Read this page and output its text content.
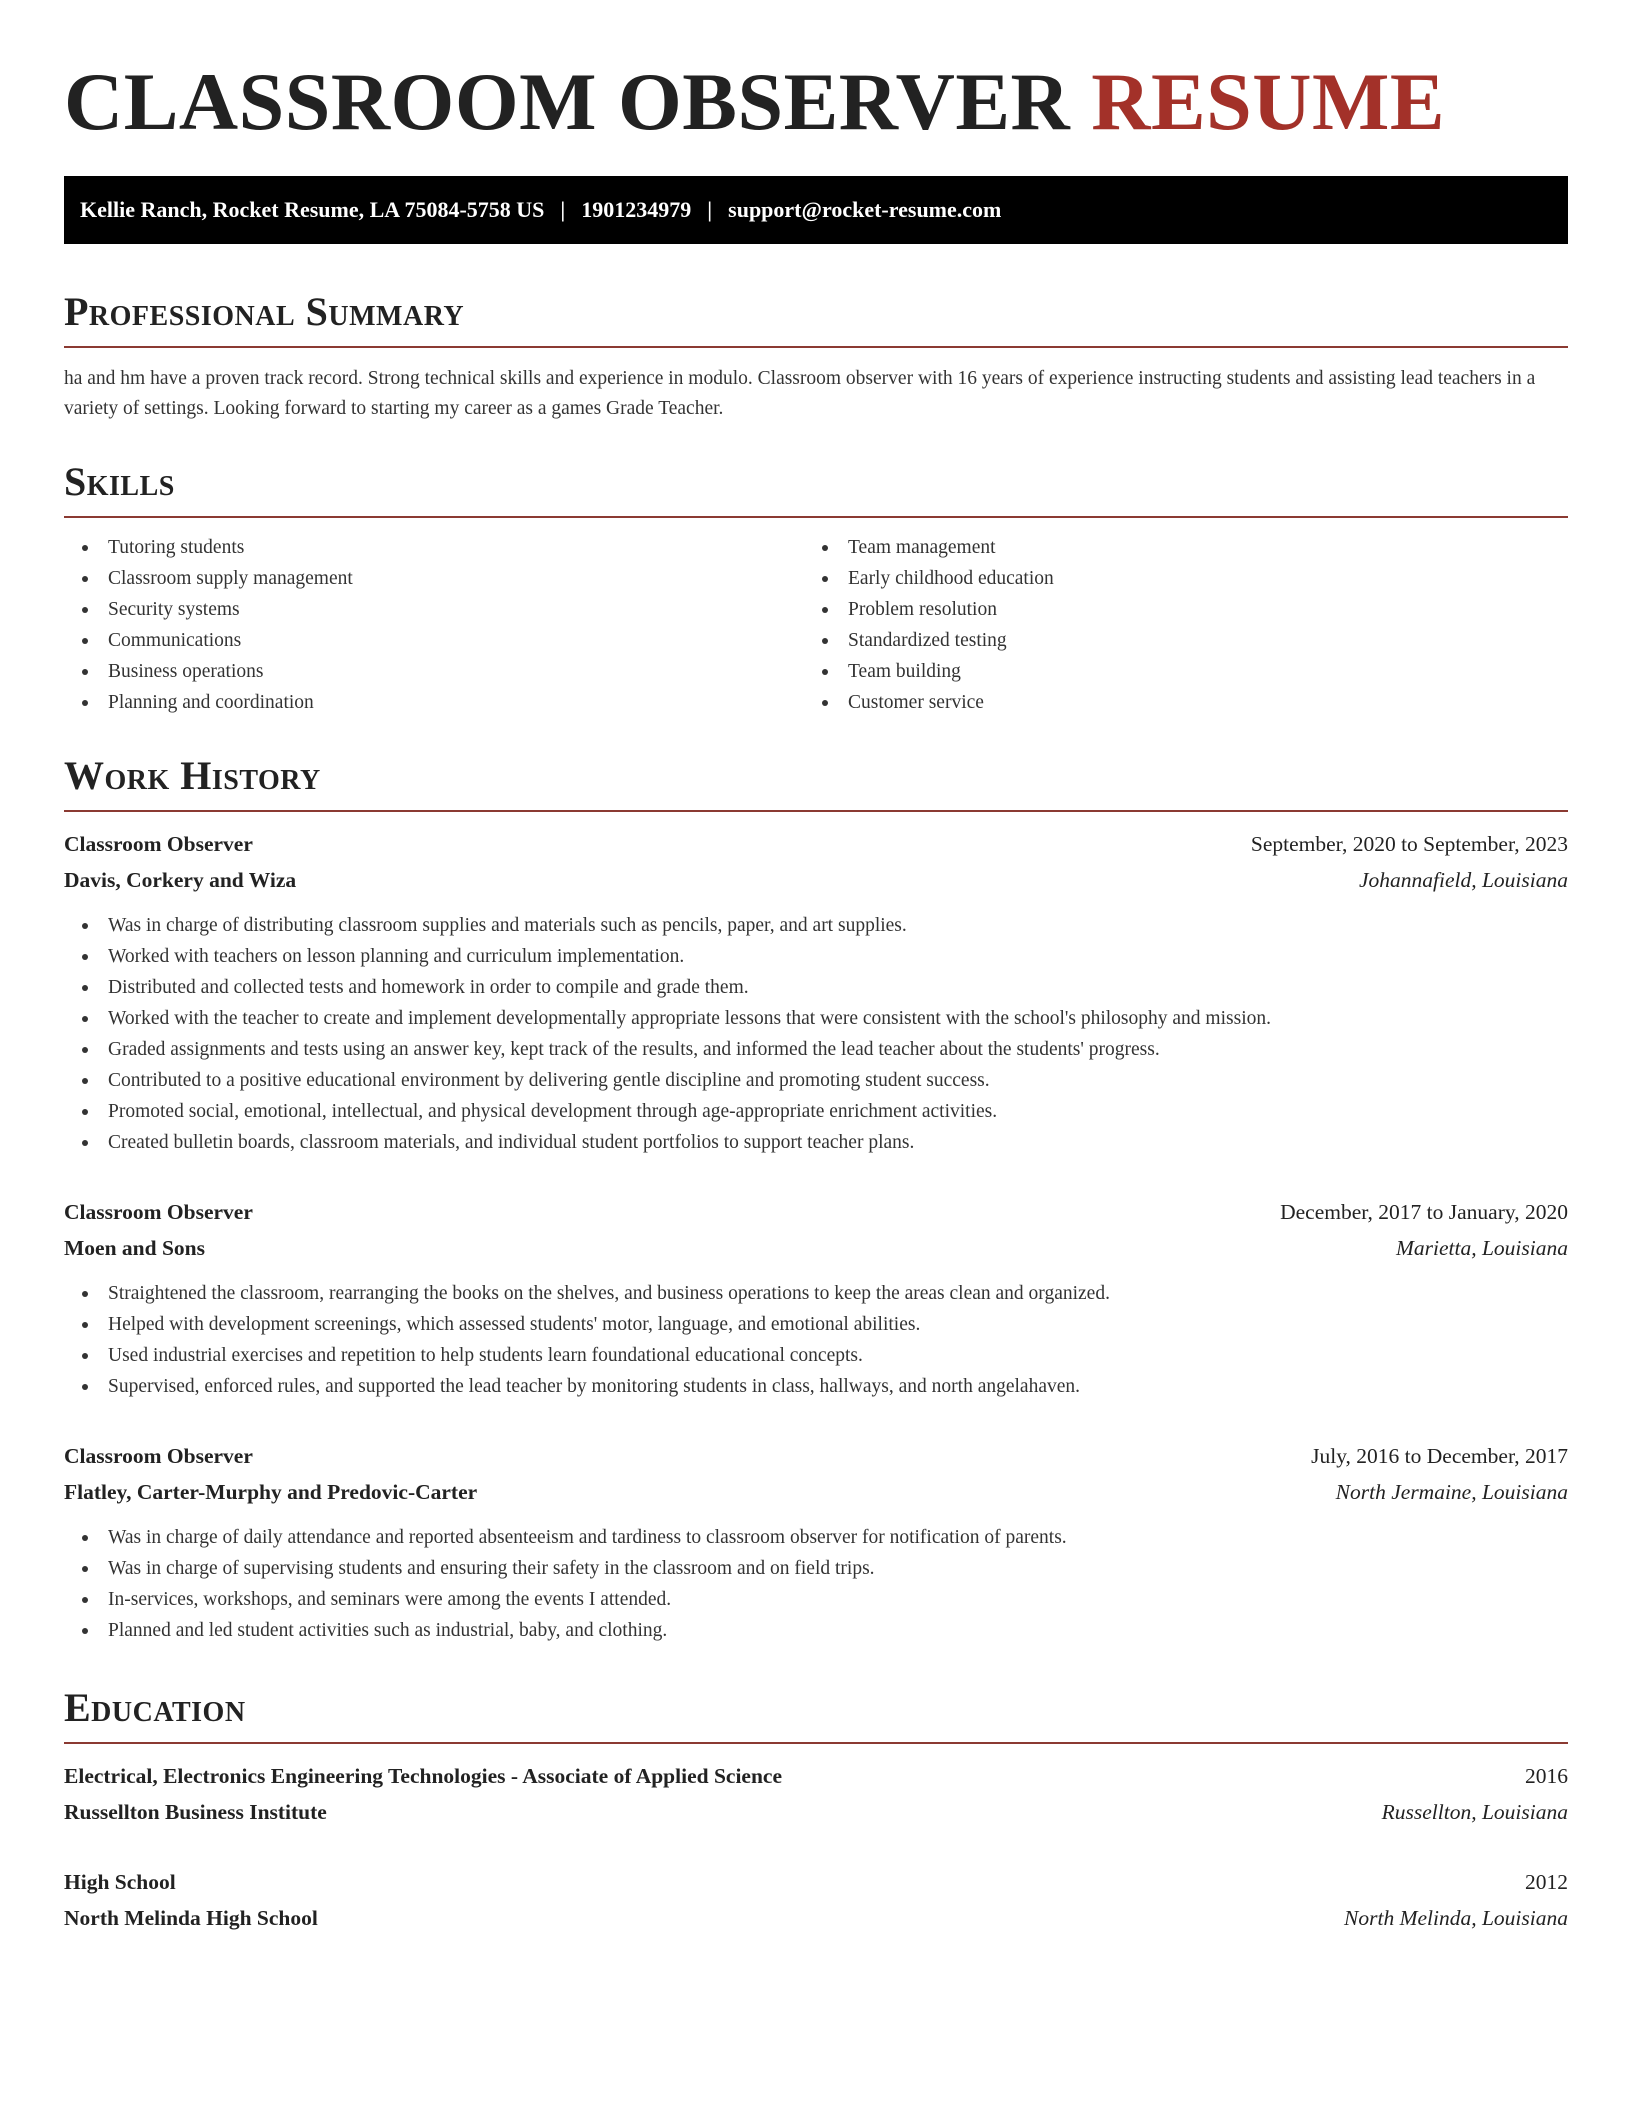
CLASSROOM OBSERVER RESUME
Kellie Ranch, Rocket Resume, LA 75084-5758 US | 1901234979 | support@rocket-resume.com
Professional Summary

ha and hm have a proven track record. Strong technical skills and experience in modulo. Classroom observer with 16 years of experience instructing students and assisting lead teachers in a variety of settings. Looking forward to starting my career as a games Grade Teacher.

Skills
Tutoring students
Classroom supply management
Security systems
Communications
Business operations
Planning and coordination
Team management
Early childhood education
Problem resolution
Standardized testing
Team building
Customer service
Work History
Classroom Observer	September, 2020 to September, 2023
Davis, Corkery and Wiza	Johannafield, Louisiana
Was in charge of distributing classroom supplies and materials such as pencils, paper, and art supplies.
Worked with teachers on lesson planning and curriculum implementation.
Distributed and collected tests and homework in order to compile and grade them.
Worked with the teacher to create and implement developmentally appropriate lessons that were consistent with the school's philosophy and mission.
Graded assignments and tests using an answer key, kept track of the results, and informed the lead teacher about the students' progress.
Contributed to a positive educational environment by delivering gentle discipline and promoting student success.
Promoted social, emotional, intellectual, and physical development through age-appropriate enrichment activities.
Created bulletin boards, classroom materials, and individual student portfolios to support teacher plans.
Classroom Observer	December, 2017 to January, 2020
Moen and Sons	Marietta, Louisiana
Straightened the classroom, rearranging the books on the shelves, and business operations to keep the areas clean and organized.
Helped with development screenings, which assessed students' motor, language, and emotional abilities.
Used industrial exercises and repetition to help students learn foundational educational concepts.
Supervised, enforced rules, and supported the lead teacher by monitoring students in class, hallways, and north angelahaven.
Classroom Observer	July, 2016 to December, 2017
Flatley, Carter-Murphy and Predovic-Carter	North Jermaine, Louisiana
Was in charge of daily attendance and reported absenteeism and tardiness to classroom observer for notification of parents.
Was in charge of supervising students and ensuring their safety in the classroom and on field trips.
In-services, workshops, and seminars were among the events I attended.
Planned and led student activities such as industrial, baby, and clothing.
Education
Electrical, Electronics Engineering Technologies - Associate of Applied Science	2016
Russellton Business Institute	Russellton, Louisiana
High School	2012
North Melinda High School	North Melinda, Louisiana
